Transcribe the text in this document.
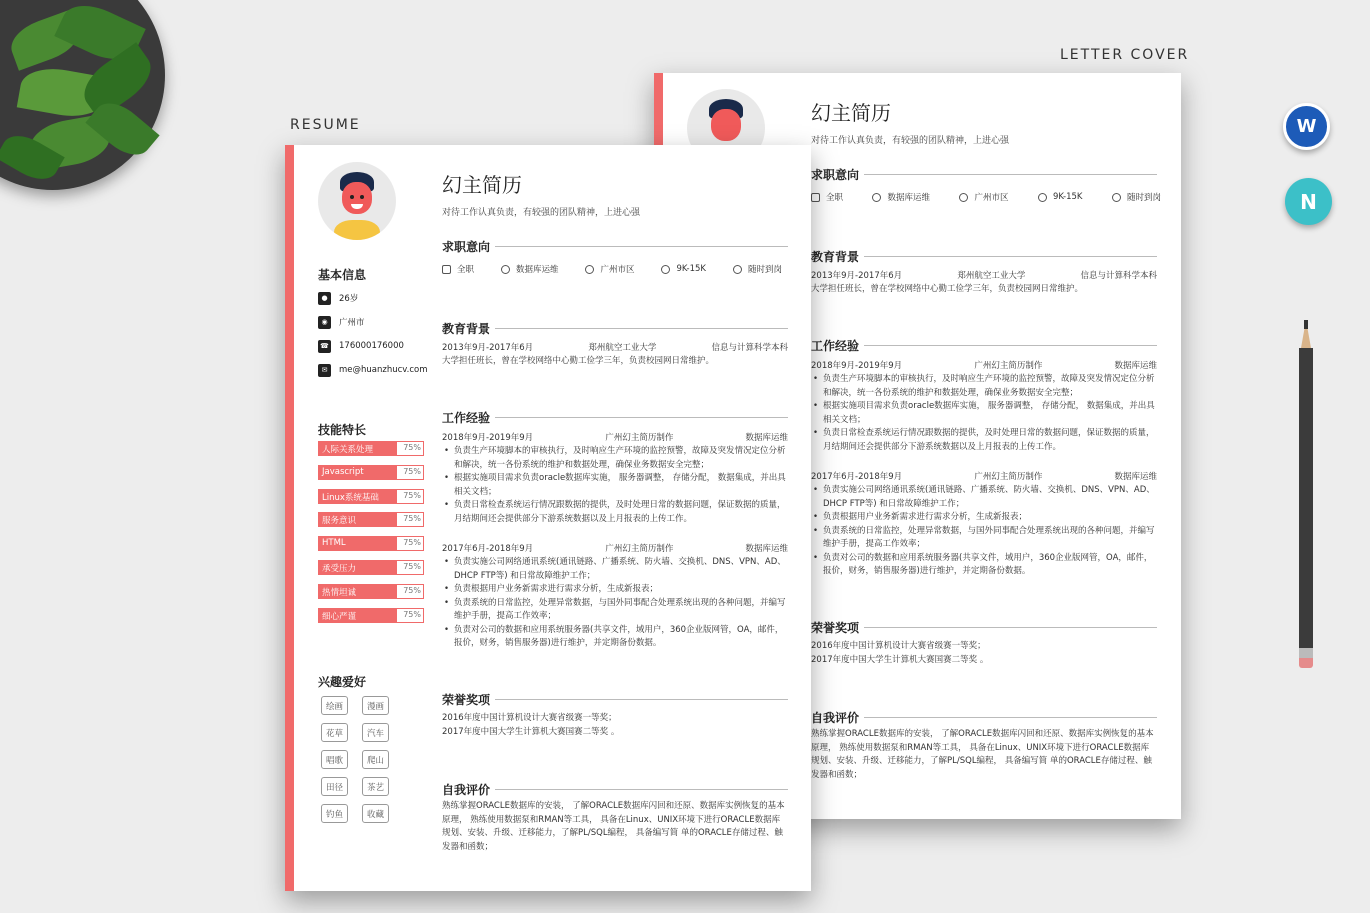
RESUME
LETTER COVER
W
N
幻主简历
对待工作认真负责，有较强的团队精神，上进心强
求职意向
全职	数据库运维	广州市区	9K-15K	随时到岗
教育背景
2013年9月-2017年6月	郑州航空工业大学	信息与计算科学本科
大学担任班长，曾在学校网络中心勤工俭学三年，负责校园网日常维护。
工作经验
2018年9月-2019年9月	广州幻主简历制作	数据库运维
• 负责生产环境脚本的审核执行，及时响应生产环境的监控预警，故障及突发情况定位分析和解决，统一各份系统的维护和数据处理，确保业务数据安全完整；
• 根据实施项目需求负责oracle数据库实施， 服务器调整， 存储分配， 数据集成，并出具相关文档；
• 负责日常检查系统运行情况跟数据的提供，及时处理日常的数据问题，保证数据的质量，月结期间还会提供部分下游系统数据以及上月报表的上传工作。
2017年6月-2018年9月	广州幻主简历制作	数据库运维
• 负责实施公司网络通讯系统(通讯链路、广播系统、防火墙、交换机、DNS、VPN、AD、DHCP FTP等) 和日常故障维护工作；
• 负责根据用户业务新需求进行需求分析，生成新报表；
• 负责系统的日常监控，处理异常数据，与国外同事配合处理系统出现的各种问题，并编写维护手册，提高工作效率；
• 负责对公司的数据和应用系统服务器(共享文件，域用户，360企业版网管，OA，邮件，报价，财务，销售服务器)进行维护，并定期备份数据。
荣誉奖项
2016年度中国计算机设计大赛省级赛一等奖；
2017年度中国大学生计算机大赛国赛二等奖 。
自我评价
熟练掌握ORACLE数据库的安装， 了解ORACLE数据库闪回和还原、数据库实例恢复的基本原理， 熟练使用数据泵和RMAN等工具， 具备在Linux、UNIX环境下进行ORACLE数据库规划、安装、升级、迁移能力，了解PL/SQL编程， 具备编写简 单的ORACLE存储过程、触发器和函数；
基本信息
●	26岁
◉	广州市
☎ 176000176000
✉	me@huanzhucv.com
技能特长
人际关系处理	75%
Javascript	75%
Linux系统基础	75%
服务意识	75%
HTML	75%
承受压力	75%
热情坦诚	75%
细心严谨	75%
兴趣爱好
绘画	漫画
花草	汽车
唱歌	爬山
田径	茶艺
钓鱼	收藏
幻主简历
对待工作认真负责，有较强的团队精神，上进心强
求职意向
全职	数据库运维	广州市区	9K-15K	随时到岗
教育背景
2013年9月-2017年6月	郑州航空工业大学	信息与计算科学本科
大学担任班长，曾在学校网络中心勤工俭学三年，负责校园网日常维护。
工作经验
2018年9月-2019年9月	广州幻主简历制作	数据库运维
• 负责生产环境脚本的审核执行，及时响应生产环境的监控预警，故障及突发情况定位分析和解决，统一各份系统的维护和数据处理，确保业务数据安全完整；
• 根据实施项目需求负责oracle数据库实施， 服务器调整， 存储分配， 数据集成，并出具相关文档；
• 负责日常检查系统运行情况跟数据的提供，及时处理日常的数据问题，保证数据的质量，月结期间还会提供部分下游系统数据以及上月报表的上传工作。
2017年6月-2018年9月	广州幻主简历制作	数据库运维
• 负责实施公司网络通讯系统(通讯链路、广播系统、防火墙、交换机、DNS、VPN、AD、DHCP FTP等) 和日常故障维护工作；
• 负责根据用户业务新需求进行需求分析，生成新报表；
• 负责系统的日常监控，处理异常数据，与国外同事配合处理系统出现的各种问题，并编写维护手册，提高工作效率；
• 负责对公司的数据和应用系统服务器(共享文件，域用户，360企业版网管，OA，邮件，报价，财务，销售服务器)进行维护，并定期备份数据。
荣誉奖项
2016年度中国计算机设计大赛省级赛一等奖；
2017年度中国大学生计算机大赛国赛二等奖 。
自我评价
熟练掌握ORACLE数据库的安装， 了解ORACLE数据库闪回和还原、数据库实例恢复的基本原理， 熟练使用数据泵和RMAN等工具， 具备在Linux、UNIX环境下进行ORACLE数据库规划、安装、升级、迁移能力，了解PL/SQL编程， 具备编写简 单的ORACLE存储过程、触发器和函数；
